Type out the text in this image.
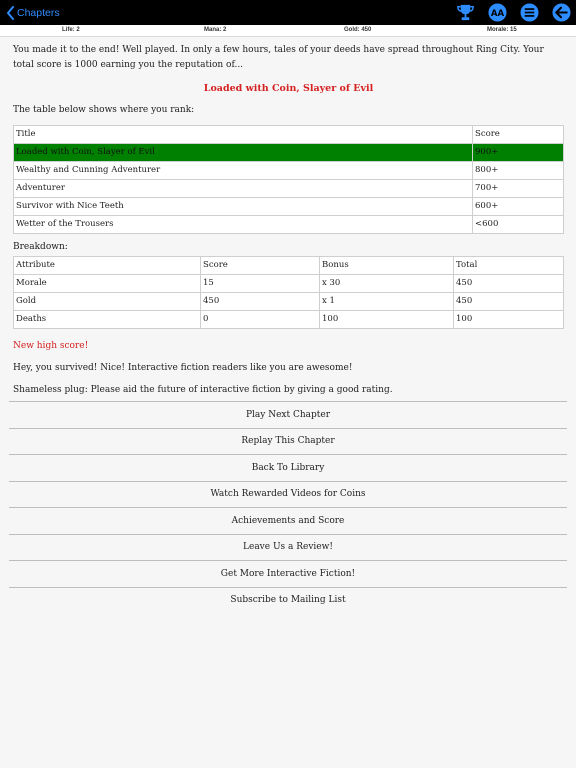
Chapters	AA
Life: 2	Mana: 2	Gold: 450	Morale: 15

You made it to the end! Well played. In only a few hours, tales of your deeds have spread throughout Ring City. Your total score is 1000 earning you the reputation of...

Loaded with Coin, Slayer of Evil

The table below shows where you rank:

Title	Score
Loaded with Coin, Slayer of Evil	900+
Wealthy and Cunning Adventurer	800+
Adventurer	700+
Survivor with Nice Teeth	600+
Wetter of the Trousers	<600

Breakdown:

Attribute	Score	Bonus	Total
Morale	15	x 30	450
Gold	450	x 1	450
Deaths	0	100	100

New high score!

Hey, you survived! Nice! Interactive fiction readers like you are awesome!

Shameless plug: Please aid the future of interactive fiction by giving a good rating.

Play Next Chapter
Replay This Chapter
Back To Library
Watch Rewarded Videos for Coins
Achievements and Score
Leave Us a Review!
Get More Interactive Fiction!
Subscribe to Mailing List
